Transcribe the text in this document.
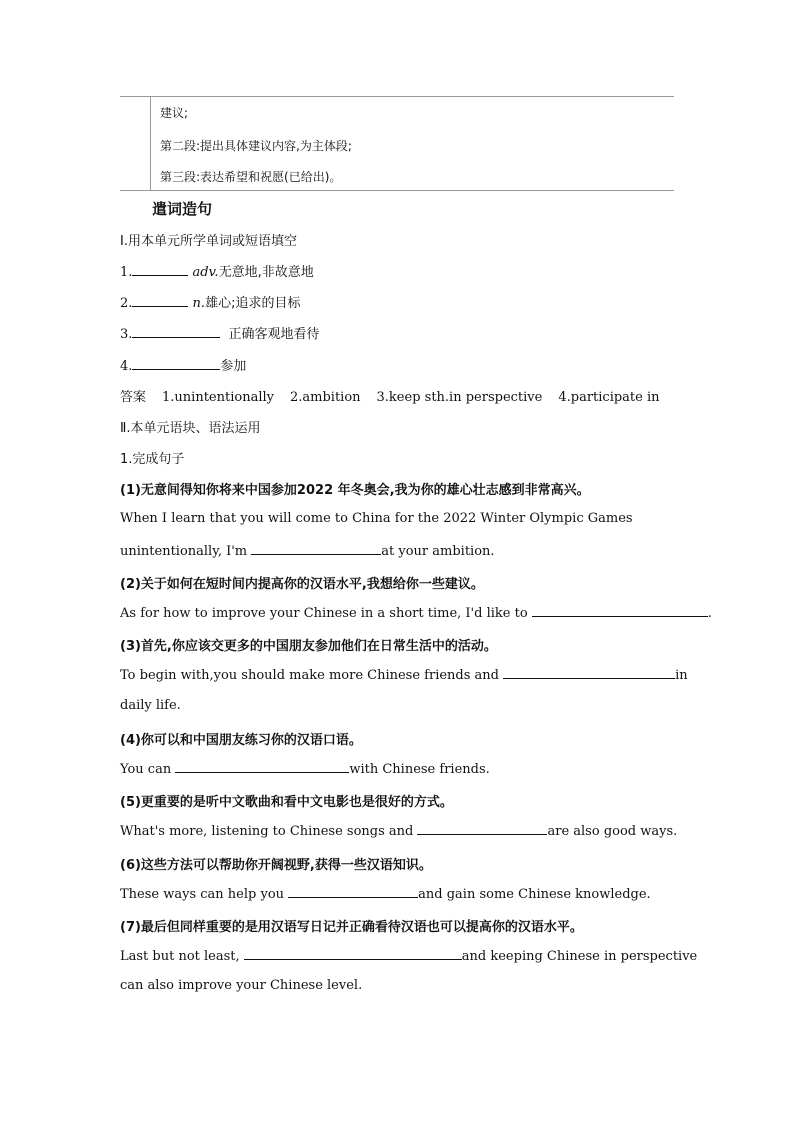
建议;
第二段:提出具体建议内容,为主体段;
第三段:表达希望和祝愿(已给出)。
遣词造句
Ⅰ.用本单元所学单词或短语填空
1.	adv.无意地,非故意地
2.	n.雄心;追求的目标
3.	正确客观地看待
4.	参加
答案 1.unintentionally 2.ambition 3.keep sth.in perspective 4.participate in
Ⅱ.本单元语块、语法运用
1.完成句子
(1)无意间得知你将来中国参加2022 年冬奥会,我为你的雄心壮志感到非常高兴。
When I learn that you will come to China for the 2022 Winter Olympic Games
unintentionally, I'm	at your ambition.
(2)关于如何在短时间内提高你的汉语水平,我想给你一些建议。
As for how to improve your Chinese in a short time, I'd like to	.
(3)首先,你应该交更多的中国朋友参加他们在日常生活中的活动。
To begin with,you should make more Chinese friends and	in
daily life.
(4)你可以和中国朋友练习你的汉语口语。
You can	with Chinese friends.
(5)更重要的是听中文歌曲和看中文电影也是很好的方式。
What's more, listening to Chinese songs and	are also good ways.
(6)这些方法可以帮助你开阔视野,获得一些汉语知识。
These ways can help you	and gain some Chinese knowledge.
(7)最后但同样重要的是用汉语写日记并正确看待汉语也可以提高你的汉语水平。
Last but not least,	and keeping Chinese in perspective
can also improve your Chinese level.
